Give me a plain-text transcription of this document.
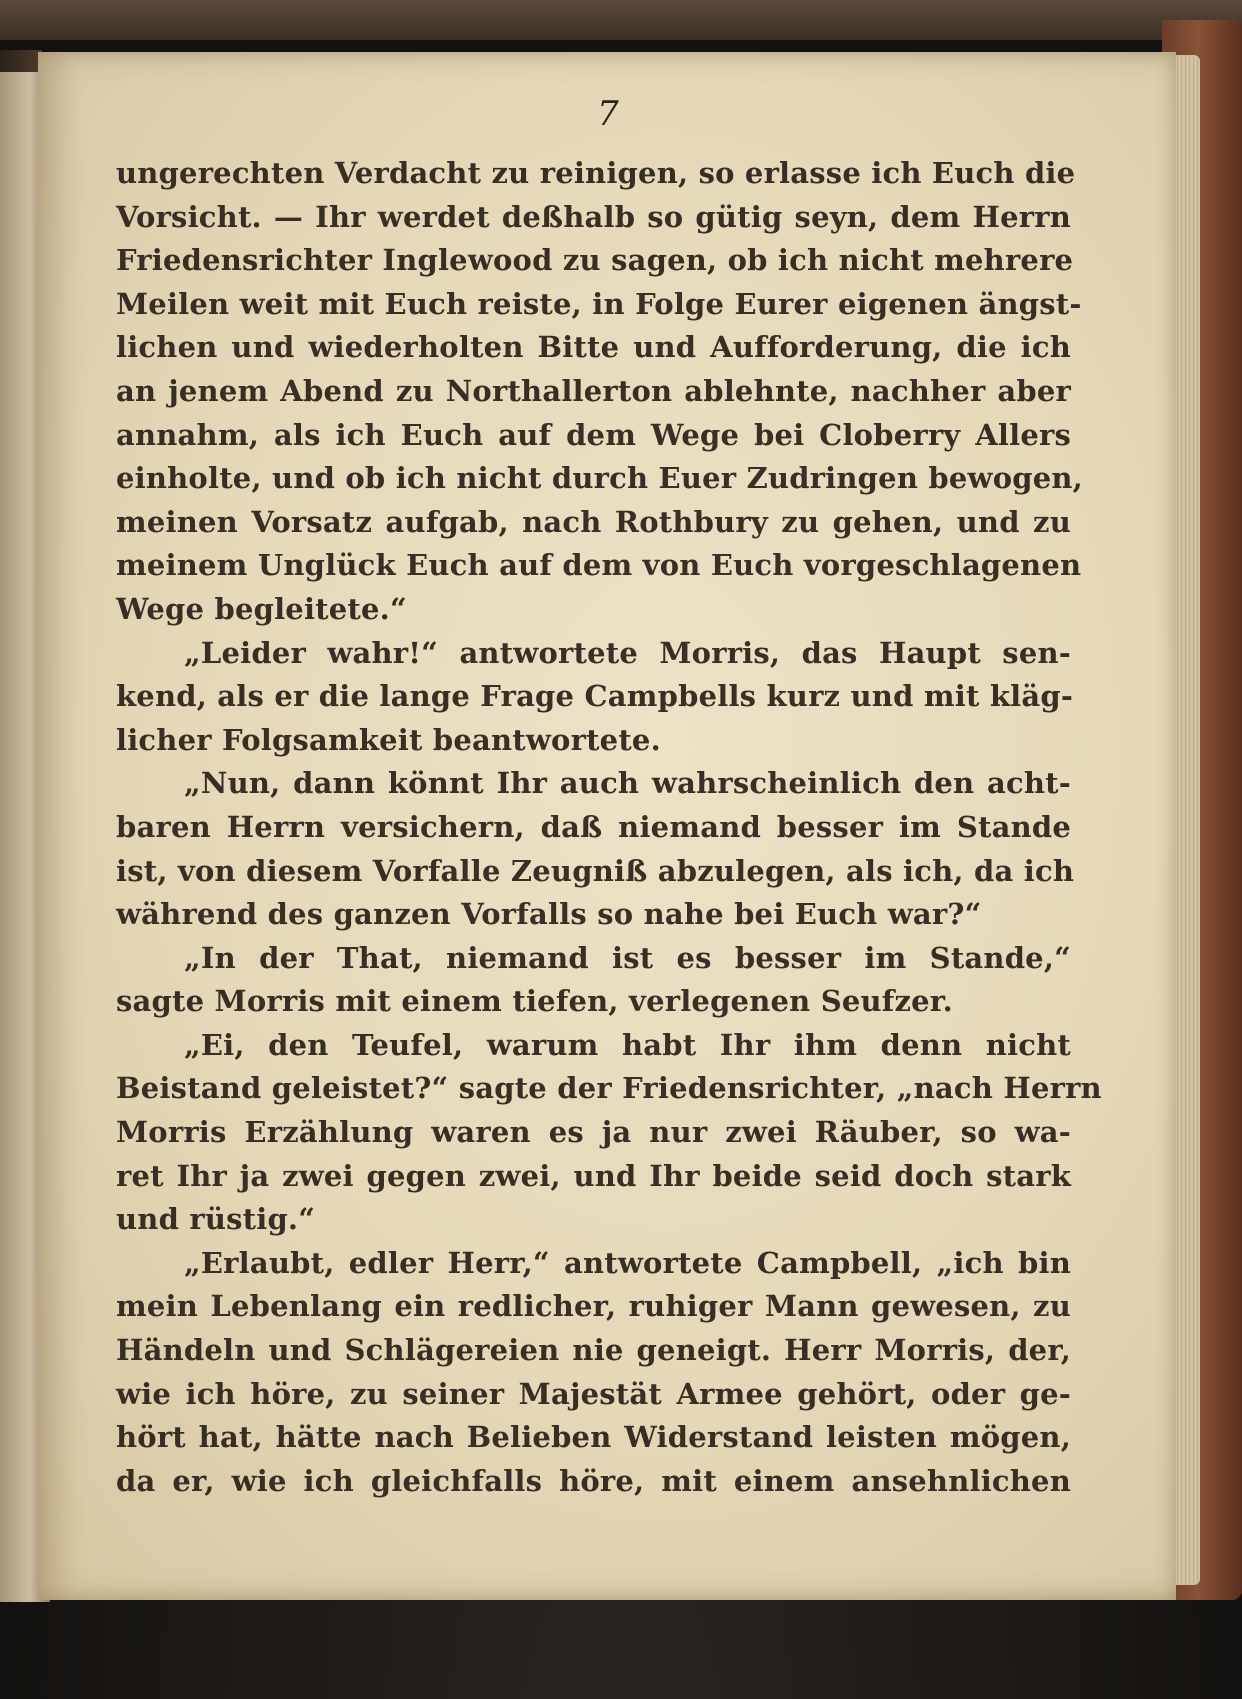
7
ungerechten Verdacht zu reinigen, so erlasse ich Euch die
Vorsicht. — Ihr werdet deßhalb so gütig seyn, dem Herrn
Friedensrichter Inglewood zu sagen, ob ich nicht mehrere
Meilen weit mit Euch reiste, in Folge Eurer eigenen ängst-
lichen und wiederholten Bitte und Aufforderung, die ich
an jenem Abend zu Northallerton ablehnte, nachher aber
annahm, als ich Euch auf dem Wege bei Cloberry Allers
einholte, und ob ich nicht durch Euer Zudringen bewogen,
meinen Vorsatz aufgab, nach Rothbury zu gehen, und zu
meinem Unglück Euch auf dem von Euch vorgeschlagenen
Wege begleitete.“
„Leider wahr!“ antwortete Morris, das Haupt sen-
kend, als er die lange Frage Campbells kurz und mit kläg-
licher Folgsamkeit beantwortete.
„Nun, dann könnt Ihr auch wahrscheinlich den acht-
baren Herrn versichern, daß niemand besser im Stande
ist, von diesem Vorfalle Zeugniß abzulegen, als ich, da ich
während des ganzen Vorfalls so nahe bei Euch war?“
„In der That, niemand ist es besser im Stande,“
sagte Morris mit einem tiefen, verlegenen Seufzer.
„Ei, den Teufel, warum habt Ihr ihm denn nicht
Beistand geleistet?“ sagte der Friedensrichter, „nach Herrn
Morris Erzählung waren es ja nur zwei Räuber, so wa-
ret Ihr ja zwei gegen zwei, und Ihr beide seid doch stark
und rüstig.“
„Erlaubt, edler Herr,“ antwortete Campbell, „ich bin
mein Lebenlang ein redlicher, ruhiger Mann gewesen, zu
Händeln und Schlägereien nie geneigt. Herr Morris, der,
wie ich höre, zu seiner Majestät Armee gehört, oder ge-
hört hat, hätte nach Belieben Widerstand leisten mögen,
da er, wie ich gleichfalls höre, mit einem ansehnlichen
